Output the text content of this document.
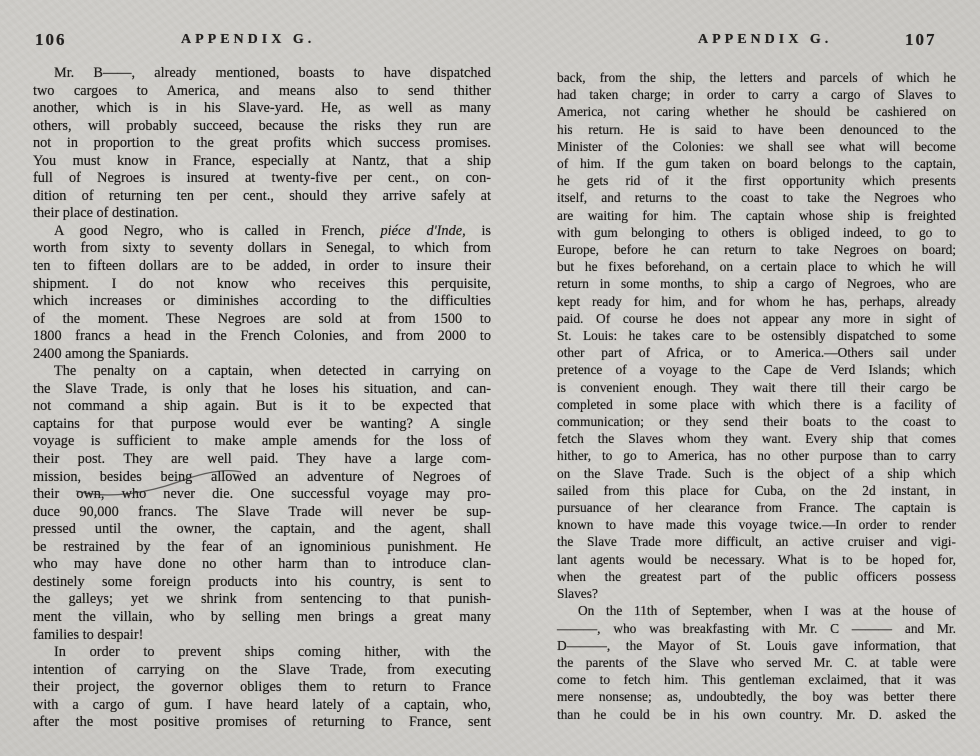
106	APPENDIX G.	APPENDIX G.	107
Mr. B——, already mentioned, boasts to have dispatched
two cargoes to America, and means also to send thither
another, which is in his Slave-yard. He, as well as many
others, will probably succeed, because the risks they run are
not in proportion to the great profits which success promises.
You must know in France, especially at Nantz, that a ship
full of Negroes is insured at twenty-five per cent., on con-
dition of returning ten per cent., should they arrive safely at
their place of destination.
A good Negro, who is called in French, piéce d'Inde, is
worth from sixty to seventy dollars in Senegal, to which from
ten to fifteen dollars are to be added, in order to insure their
shipment. I do not know who receives this perquisite,
which increases or diminishes according to the difficulties
of the moment. These Negroes are sold at from 1500 to
1800 francs a head in the French Colonies, and from 2000 to
2400 among the Spaniards.
The penalty on a captain, when detected in carrying on
the Slave Trade, is only that he loses his situation, and can-
not command a ship again. But is it to be expected that
captains for that purpose would ever be wanting? A single
voyage is sufficient to make ample amends for the loss of
their post. They are well paid. They have a large com-
mission, besides being allowed an adventure of Negroes of
their own, who never die. One successful voyage may pro-
duce 90,000 francs. The Slave Trade will never be sup-
pressed until the owner, the captain, and the agent, shall
be restrained by the fear of an ignominious punishment. He
who may have done no other harm than to introduce clan-
destinely some foreign products into his country, is sent to
the galleys; yet we shrink from sentencing to that punish-
ment the villain, who by selling men brings a great many
families to despair!
In order to prevent ships coming hither, with the
intention of carrying on the Slave Trade, from executing
their project, the governor obliges them to return to France
with a cargo of gum. I have heard lately of a captain, who,
after the most positive promises of returning to France, sent
back, from the ship, the letters and parcels of which he
had taken charge; in order to carry a cargo of Slaves to
America, not caring whether he should be cashiered on
his return. He is said to have been denounced to the
Minister of the Colonies: we shall see what will become
of him. If the gum taken on board belongs to the captain,
he gets rid of it the first opportunity which presents
itself, and returns to the coast to take the Negroes who
are waiting for him. The captain whose ship is freighted
with gum belonging to others is obliged indeed, to go to
Europe, before he can return to take Negroes on board;
but he fixes beforehand, on a certain place to which he will
return in some months, to ship a cargo of Negroes, who are
kept ready for him, and for whom he has, perhaps, already
paid. Of course he does not appear any more in sight of
St. Louis: he takes care to be ostensibly dispatched to some
other part of Africa, or to America.—Others sail under
pretence of a voyage to the Cape de Verd Islands; which
is convenient enough. They wait there till their cargo be
completed in some place with which there is a facility of
communication; or they send their boats to the coast to
fetch the Slaves whom they want. Every ship that comes
hither, to go to America, has no other purpose than to carry
on the Slave Trade. Such is the object of a ship which
sailed from this place for Cuba, on the 2d instant, in
pursuance of her clearance from France. The captain is
known to have made this voyage twice.—In order to render
the Slave Trade more difficult, an active cruiser and vigi-
lant agents would be necessary. What is to be hoped for,
when the greatest part of the public officers possess
Slaves?
On the 11th of September, when I was at the house of
———, who was breakfasting with Mr. C ——— and Mr.
D———, the Mayor of St. Louis gave information, that
the parents of the Slave who served Mr. C. at table were
come to fetch him. This gentleman exclaimed, that it was
mere nonsense; as, undoubtedly, the boy was better there
than he could be in his own country. Mr. D. asked the
